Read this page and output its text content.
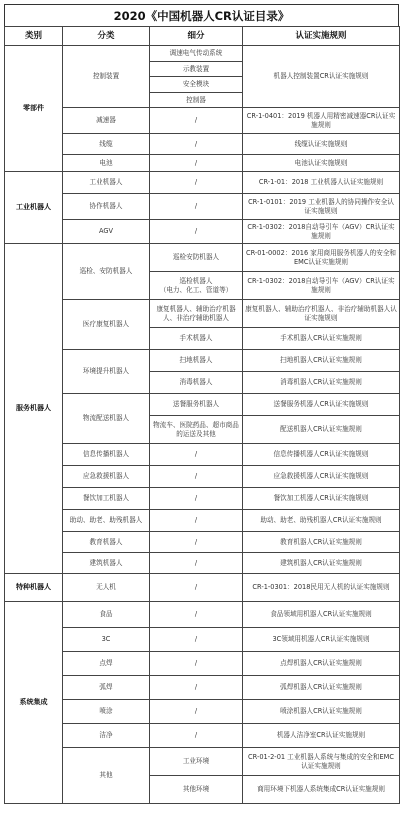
2020《中国机器人CR认证目录》
类别	分类	细分	认证实施规则
零部件	控制装置	调速电气传动系统	机器人控制装置CR认证实施规则
		示教装置	
		安全模块	
		控制器	
	减速器	/	CR-1-0401：2019 机器人用精密减速器CR认证实施规则
	线缆	/	线缆认证实施规则
	电池	/	电池认证实施规则
工业机器人	工业机器人	/	CR-1-01：2018 工业机器人认证实施规则
	协作机器人	/	CR-1-0101：2019 工业机器人的协同操作安全认证实施规则
	AGV	/	CR-1-0302：2018自动导引车（AGV）CR认证实施规则
服务机器人	巡检、安防机器人	巡检安防机器人	CR-01-0002：2016 家用商用服务机器人的安全和EMC认证实施规则
		巡检机器人
（电力、化工、管道等）	CR-1-0302：2018自动导引车（AGV）CR认证实施规则
	医疗康复机器人	康复机器人、辅助治疗机器人、非治疗辅助机器人	康复机器人、辅助治疗机器人、非治疗辅助机器人认证实施规则
		手术机器人	手术机器人CR认证实施规则
	环境提升机器人	扫地机器人	扫地机器人CR认证实施规则
		消毒机器人	消毒机器人CR认证实施规则
	物流配送机器人	送餐服务机器人	送餐服务机器人CR认证实施规则
		物流车、医院药品、超市商品的运送及其他	配送机器人CR认证实施规则
	信息传播机器人	/	信息传播机器人CR认证实施规则
	应急救援机器人	/	应急救援机器人CR认证实施规则
	餐饮加工机器人	/	餐饮加工机器人CR认证实施规则
	助动、助老、助残机器人	/	助动、助老、助残机器人CR认证实施规则
	教育机器人	/	教育机器人CR认证实施规则
	建筑机器人	/	建筑机器人CR认证实施规则
特种机器人	无人机	/	CR-1-0301：2018民用无人机的认证实施规则
系统集成	食品	/	食品领域用机器人CR认证实施规则
	3C	/	3C领域用机器人CR认证实施规则
	点焊	/	点焊机器人CR认证实施规则
	弧焊	/	弧焊机器人CR认证实施规则
	喷涂	/	喷涂机器人CR认证实施规则
	洁净	/	机器人洁净室CR认证实施规则
	其他	工业环境	CR-01-2-01 工业机器人系统与集成的安全和EMC认证实施规则
		其他环境	商用环境下机器人系统集成CR认证实施规则
